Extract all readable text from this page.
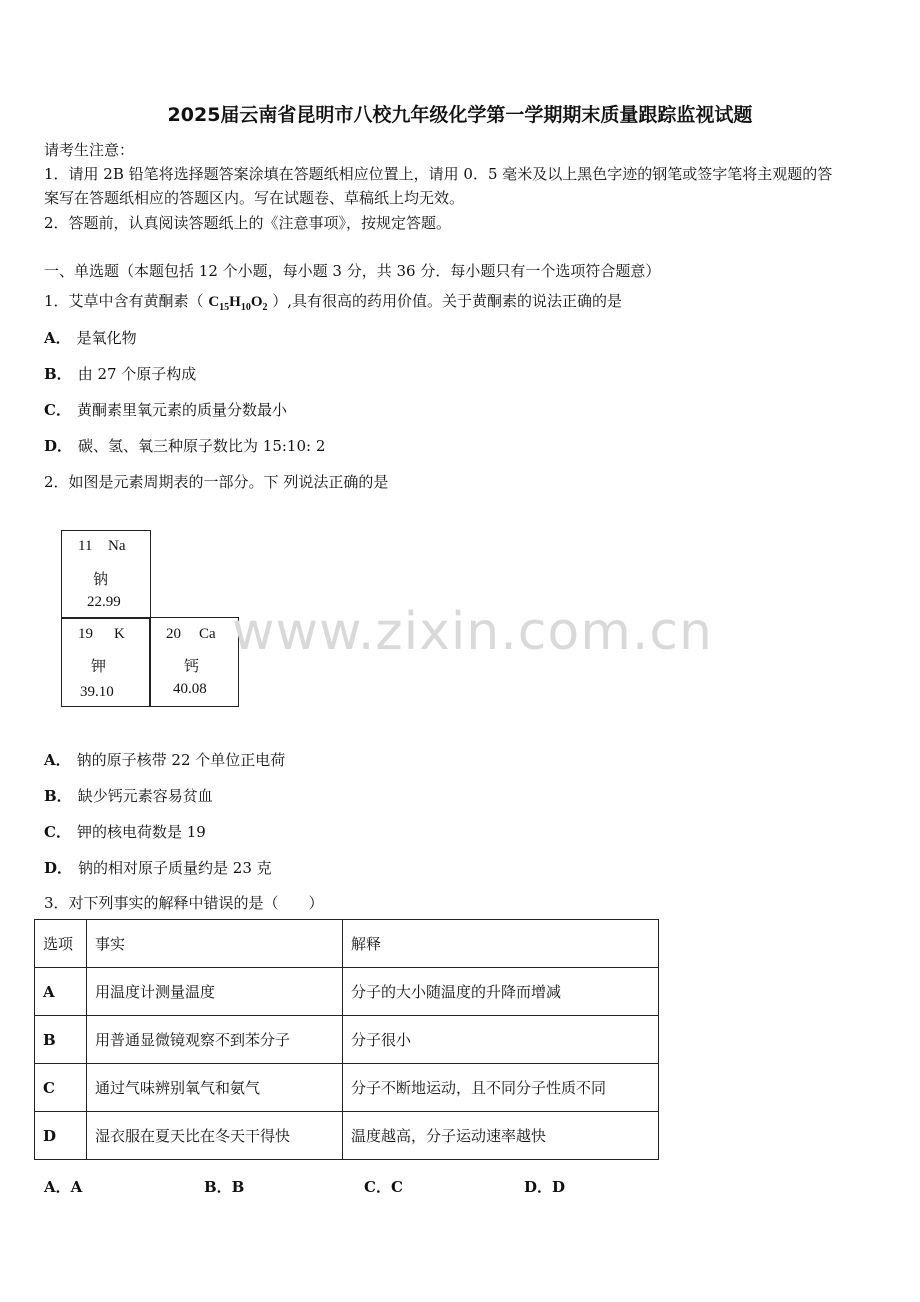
2025届云南省昆明市八校九年级化学第一学期期末质量跟踪监视试题
请考生注意：
1．请用 2B 铅笔将选择题答案涂填在答题纸相应位置上，请用 0．5 毫米及以上黑色字迹的钢笔或签字笔将主观题的答
案写在答题纸相应的答题区内。写在试题卷、草稿纸上均无效。
2．答题前，认真阅读答题纸上的《注意事项》，按规定答题。
一、单选题（本题包括 12 个小题，每小题 3 分，共 36 分．每小题只有一个选项符合题意）
1．艾草中含有黄酮素（ $C_{15}H_{10}O_2$ ）,具有很高的药用价值。关于黄酮素的说法正确的是
A． 是氧化物
B． 由 27 个原子构成
C． 黄酮素里氧元素的质量分数最小
D． 碳、氢、氧三种原子数比为 15:10: 2
2．如图是元素周期表的一部分。下 列说法正确的是
11 Na
钠
22.99
19 K
钾
39.10
20 Ca
钙
40.08
www.zixin.com.cn
A． 钠的原子核带 22 个单位正电荷
B． 缺少钙元素容易贫血
C． 钾的核电荷数是 19
D． 钠的相对原子质量约是 23 克
3．对下列事实的解释中错误的是（　　）
选项	事实	解释
A	用温度计测量温度	分子的大小随温度的升降而增减
B	用普通显微镜观察不到苯分子	分子很小
C	通过气味辨别氧气和氨气	分子不断地运动，且不同分子性质不同
D	湿衣服在夏天比在冬天干得快	温度越高，分子运动速率越快
A．A	B．B	C．C	D．D
